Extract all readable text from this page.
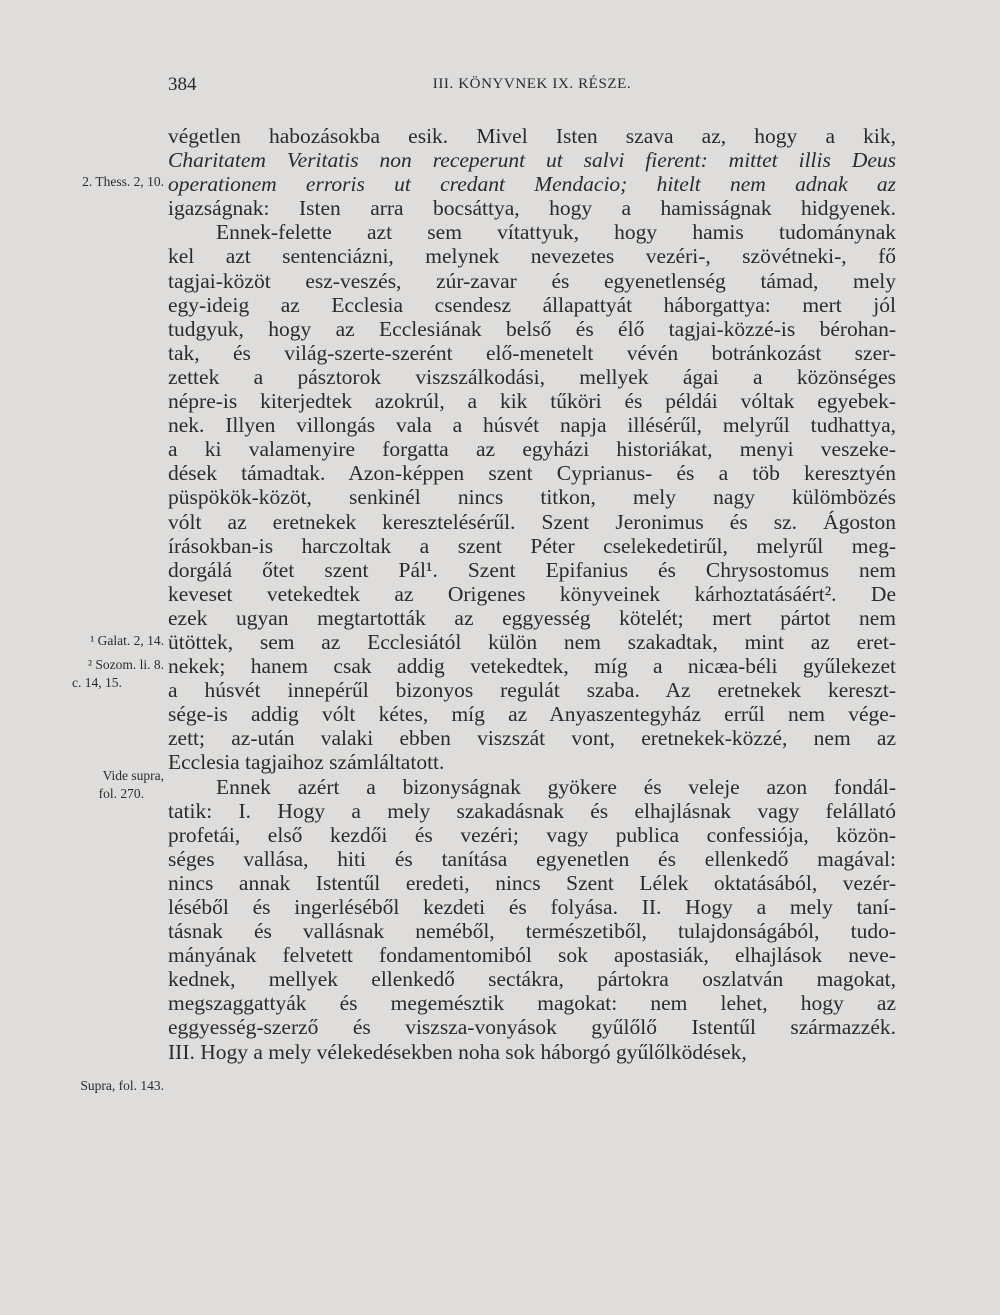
384	III. KÖNYVNEK IX. RÉSZE.
2. Thess. 2, 10.
¹ Galat. 2, 14.
² Sozom. li. 8.
c. 14, 15.
Vide supra,
fol. 270.
Supra, fol. 143.
végetlen habozásokba esik. Mivel Isten szava az, hogy a kik,
Charitatem Veritatis non receperunt ut salvi fierent: mittet illis Deus
operationem erroris ut credant Mendacio; hitelt nem adnak az
igazságnak: Isten arra bocsáttya, hogy a hamisságnak hidgyenek.
Ennek-felette azt sem vítattyuk, hogy hamis tudománynak
kel azt sentenciázni, melynek nevezetes vezéri-, szövétneki-, fő
tagjai-közöt esz-veszés, zúr-zavar és egyenetlenség támad, mely
egy-ideig az Ecclesia csendesz állapattyát háborgattya: mert jól
tudgyuk, hogy az Ecclesiának belső és élő tagjai-közzé-is bérohan-
tak, és világ-szerte-szerént elő-menetelt vévén botránkozást szer-
zettek a pásztorok viszszálkodási, mellyek ágai a közönséges
népre-is kiterjedtek azokrúl, a kik tűköri és példái vóltak egyebek-
nek. Illyen villongás vala a húsvét napja illésérűl, melyrűl tudhattya,
a ki valamenyire forgatta az egyházi historiákat, menyi veszeke-
dések támadtak. Azon-képpen szent Cyprianus- és a töb keresztyén
püspökök-közöt, senkinél nincs titkon, mely nagy külömbözés
vólt az eretnekek keresztelésérűl. Szent Jeronimus és sz. Ágoston
írásokban-is harczoltak a szent Péter cselekedetirűl, melyrűl meg-
dorgálá őtet szent Pál¹. Szent Epifanius és Chrysostomus nem
keveset vetekedtek az Origenes könyveinek kárhoztatásáért². De
ezek ugyan megtartották az eggyesség kötelét; mert pártot nem
ütöttek, sem az Ecclesiától külön nem szakadtak, mint az eret-
nekek; hanem csak addig vetekedtek, míg a nicæa-béli gyűlekezet
a húsvét innepérűl bizonyos regulát szaba. Az eretnekek kereszt-
sége-is addig vólt kétes, míg az Anyaszentegyház errűl nem vége-
zett; az-után valaki ebben viszszát vont, eretnekek-közzé, nem az
Ecclesia tagjaihoz számláltatott.
Ennek azért a bizonyságnak gyökere és veleje azon fondál-
tatik: I. Hogy a mely szakadásnak és elhajlásnak vagy felállató
profetái, első kezdői és vezéri; vagy publica confessiója, közön-
séges vallása, hiti és tanítása egyenetlen és ellenkedő magával:
nincs annak Istentűl eredeti, nincs Szent Lélek oktatásából, vezér-
léséből és ingerléséből kezdeti és folyása. II. Hogy a mely taní-
tásnak és vallásnak neméből, természetiből, tulajdonságából, tudo-
mányának felvetett fondamentomiból sok apostasiák, elhajlások neve-
kednek, mellyek ellenkedő sectákra, pártokra oszlatván magokat,
megszaggattyák és megemésztik magokat: nem lehet, hogy az
eggyesség-szerző és viszsza-vonyások gyűlőlő Istentűl származzék.
III. Hogy a mely vélekedésekben noha sok háborgó gyűlőlködések,
